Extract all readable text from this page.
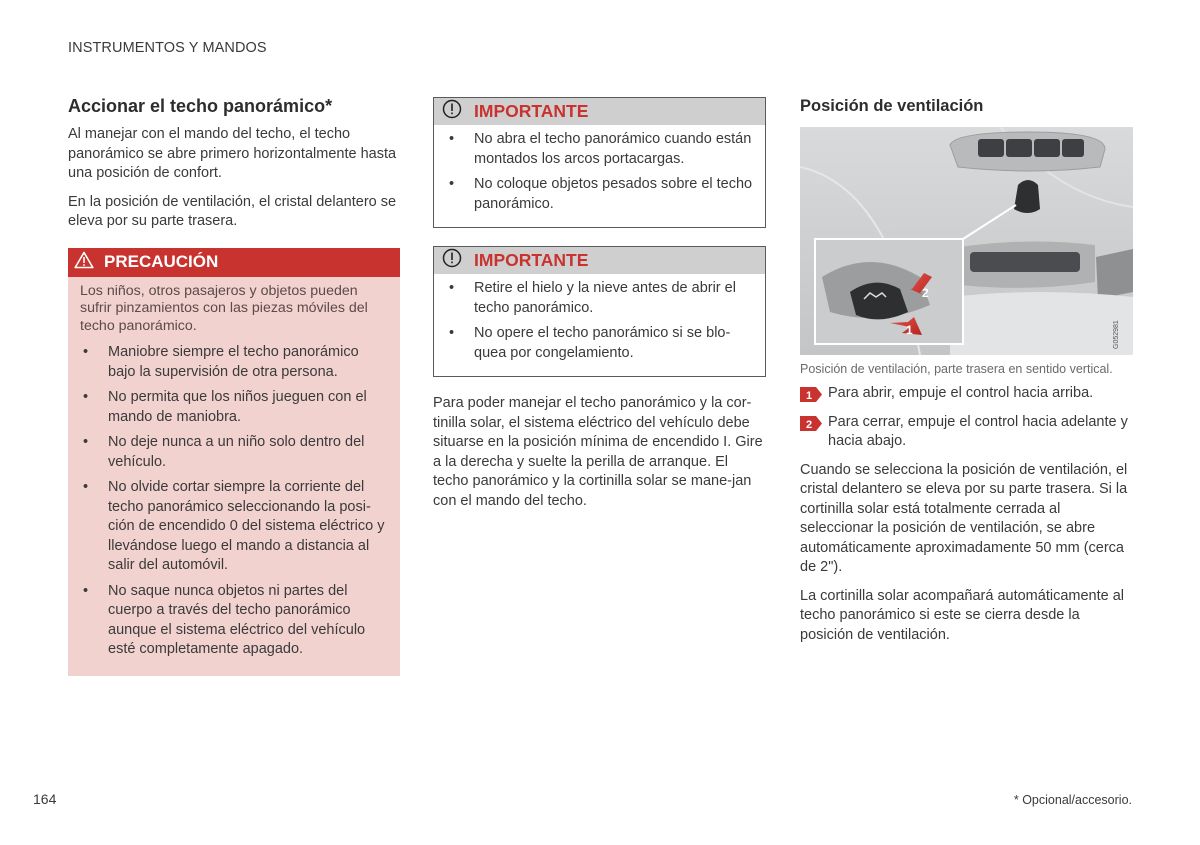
INSTRUMENTOS Y MANDOS
Accionar el techo panorámico*

Al manejar con el mando del techo, el techo panorámico se abre primero horizontalmente hasta una posición de confort.

En la posición de ventilación, el cristal delantero se eleva por su parte trasera.

PRECAUCIÓN

Los niños, otros pasajeros y objetos pueden sufrir pinzamientos con las piezas móviles del techo panorámico.

• Maniobre siempre el techo panorámico bajo la supervisión de otra persona.
• No permita que los niños jueguen con el mando de maniobra.
• No deje nunca a un niño solo dentro del vehículo.
• No olvide cortar siempre la corriente del techo panorámico seleccionando la posi-ción de encendido 0 del sistema eléctrico y llevándose luego el mando a distancia al salir del automóvil.
• No saque nunca objetos ni partes del cuerpo a través del techo panorámico aunque el sistema eléctrico del vehículo esté completamente apagado.
IMPORTANTE
• No abra el techo panorámico cuando están montados los arcos portacargas.
• No coloque objetos pesados sobre el techo panorámico.
IMPORTANTE
• Retire el hielo y la nieve antes de abrir el techo panorámico.
• No opere el techo panorámico si se blo-quea por congelamiento.

Para poder manejar el techo panorámico y la cor-tinilla solar, el sistema eléctrico del vehículo debe situarse en la posición mínima de encendido I. Gire a la derecha y suelte la perilla de arranque. El techo panorámico y la cortinilla solar se mane-jan con el mando del techo.

Posición de ventilación
2
1	G052981
Posición de ventilación, parte trasera en sentido vertical.
1 Para abrir, empuje el control hacia arriba.
2 Para cerrar, empuje el control hacia adelante y hacia abajo.

Cuando se selecciona la posición de ventilación, el cristal delantero se eleva por su parte trasera. Si la cortinilla solar está totalmente cerrada al seleccionar la posición de ventilación, se abre automáticamente aproximadamente 50 mm (cerca de 2").

La cortinilla solar acompañará automáticamente al techo panorámico si este se cierra desde la posición de ventilación.

164	* Opcional/accesorio.
